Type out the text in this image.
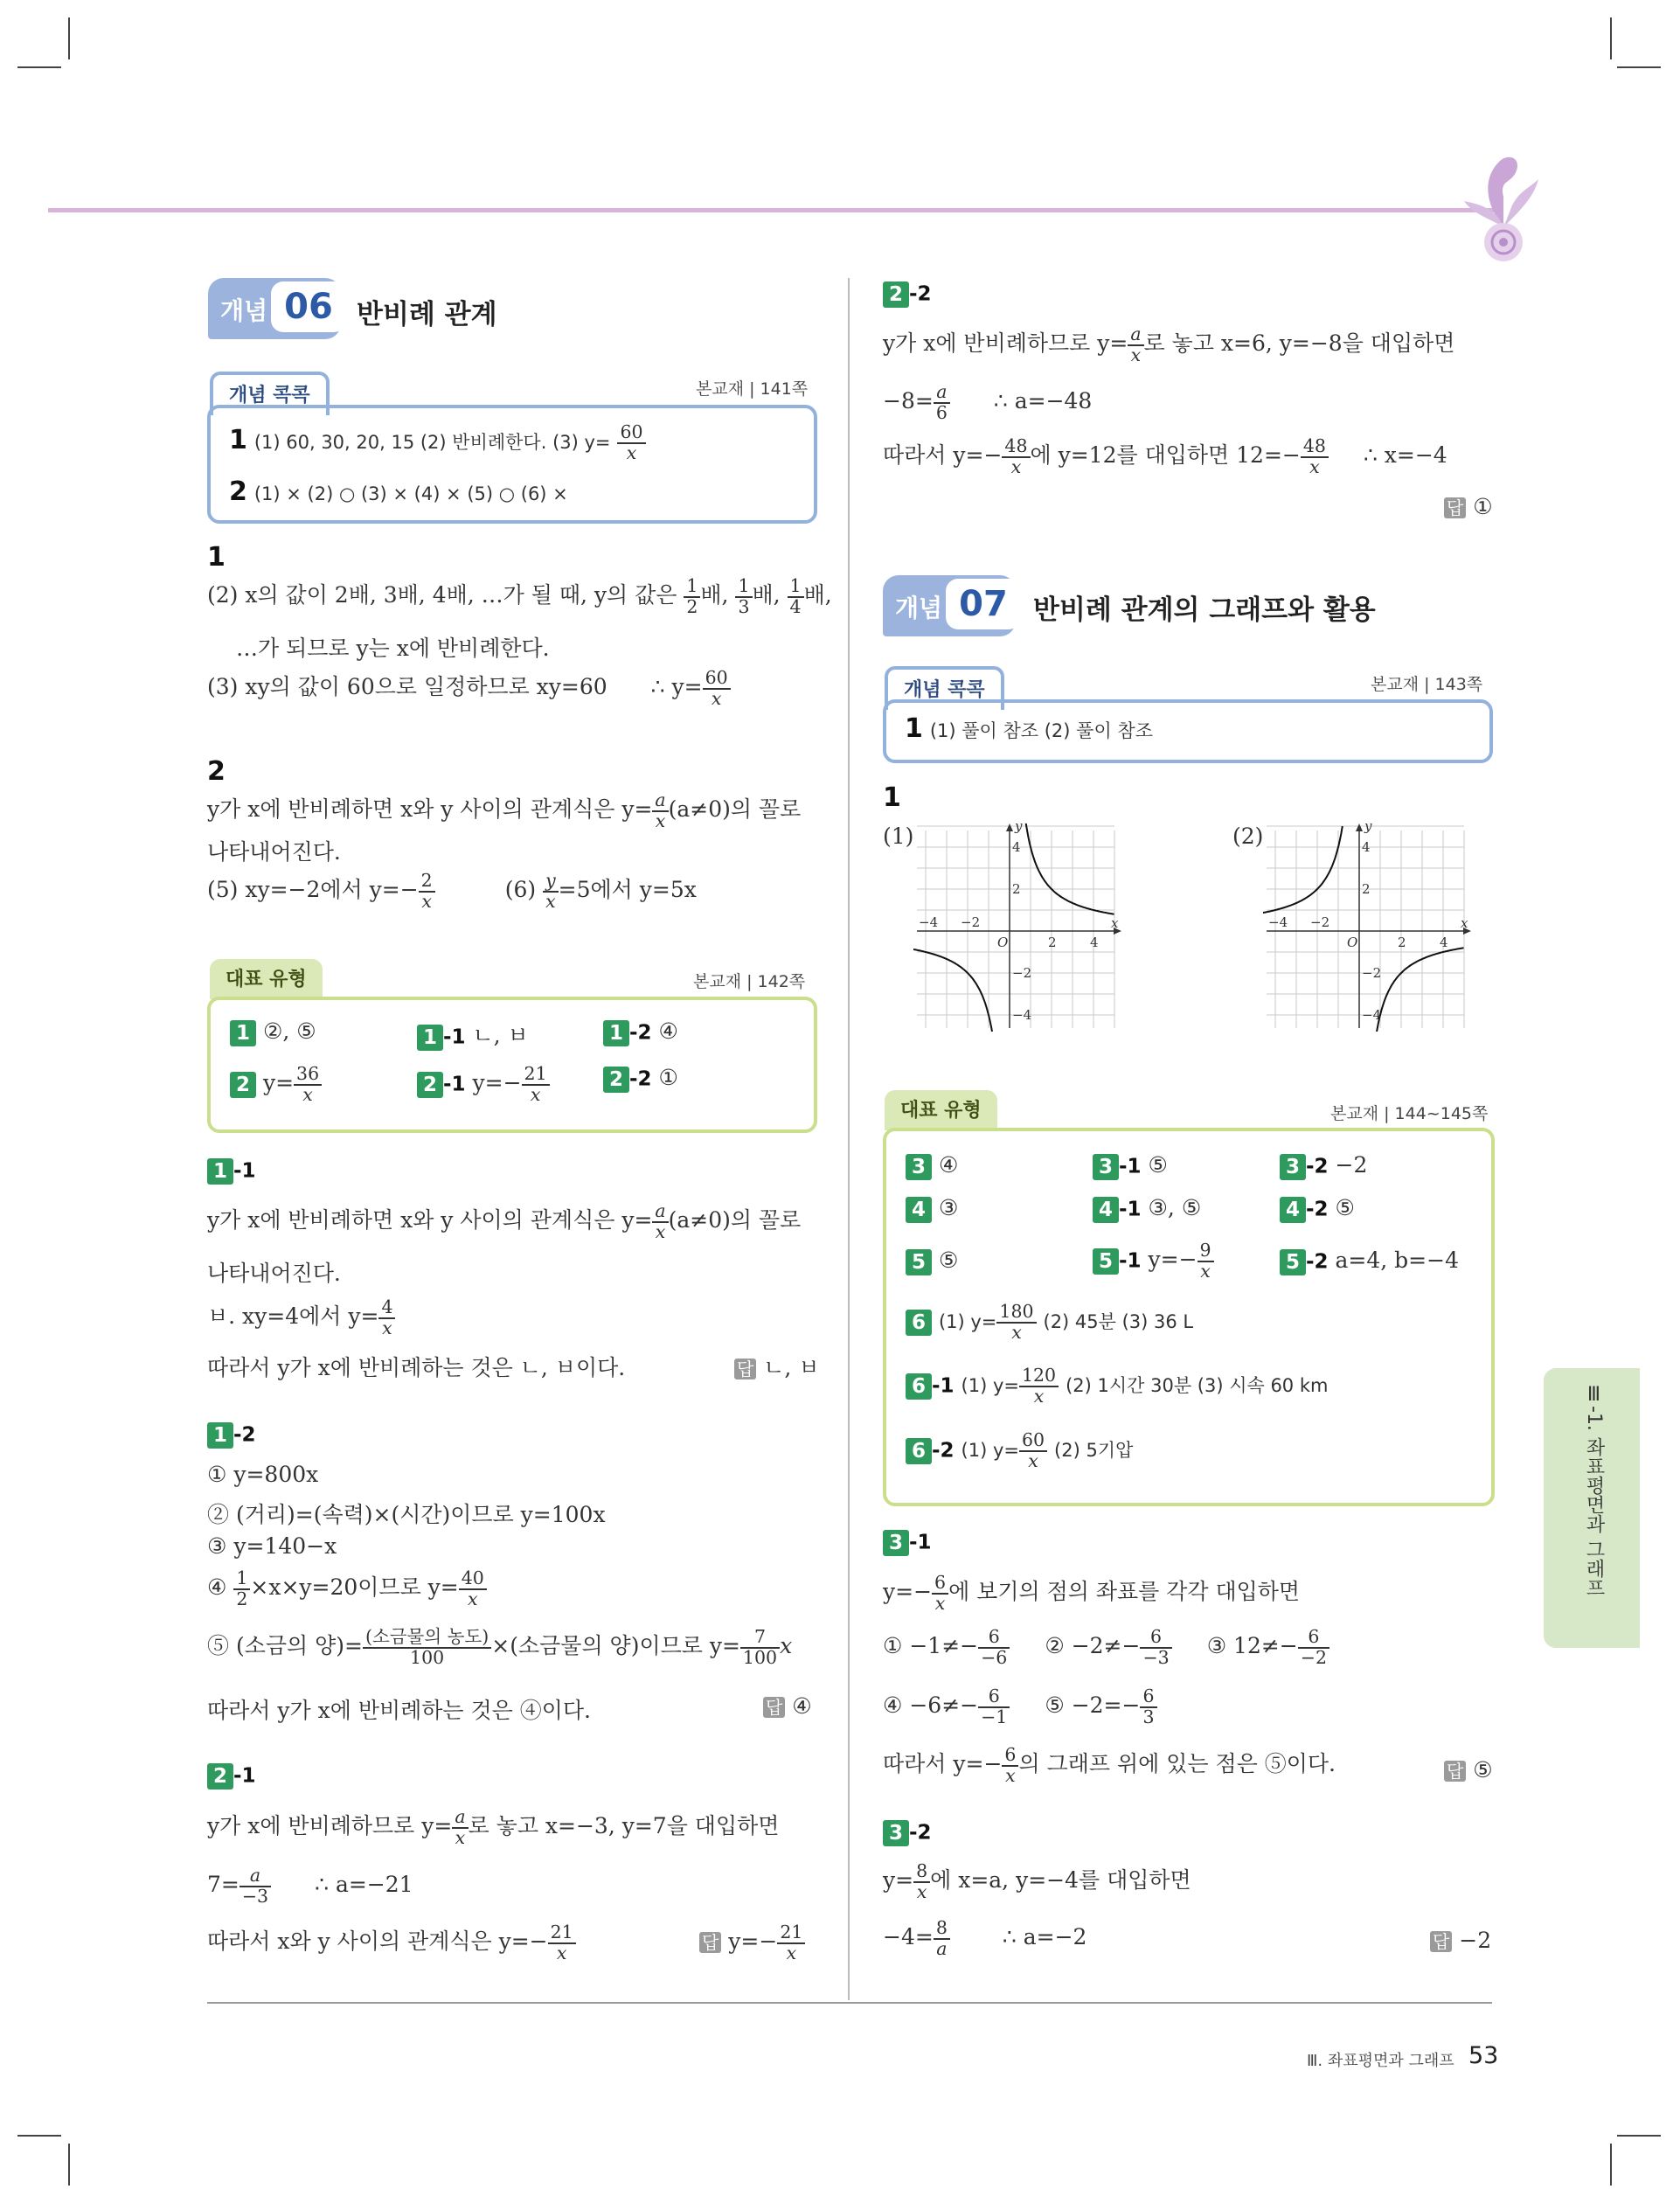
개념 06 반비례 관계
개념 콕콕	본교재 | 141쪽
1 (1) 60, 30, 20, 15 (2) 반비례한다. (3) $y= \frac{60}{x}$
2 (1) × (2) ○ (3) × (4) × (5) ○ (6) ×
1
(2) x의 값이 2배, 3배, 4배, …가 될 때, y의 값은 $\frac{1}{2}$ 배, $\frac{1}{3}$ 배, $\frac{1}{4}$ 배,
…가 되므로 y는 x에 반비례한다.
(3) xy의 값이 60으로 일정하므로 xy=60 ∴ $y= \frac{60}{x}$
2
y가 x에 반비례하면 x와 y 사이의 관계식은 $y= \frac{a}{x} (a\ne 0)$의 꼴로
나타내어진다.
(5) xy=−2에서 $y=- \frac{2}{x}$	$(6) \frac{y}{x} =5$에서 y=5x
대표 유형	본교재 | 142쪽
1 ②, ⑤	1 -1 ㄴ, ㅂ	1 -2 ④
2 $y= \frac{36}{x}$	2 -1 $y=- \frac{21}{x}$	2 -2 ①
1 -1
y가 x에 반비례하면 x와 y 사이의 관계식은 $y= \frac{a}{x} (a\ne 0)$의 꼴로
나타내어진다.
ㅂ. xy=4에서 $y= \frac{4}{x}$
따라서 y가 x에 반비례하는 것은 ㄴ, ㅂ이다.	답 ㄴ, ㅂ
1 -2
① y=800x
② (거리)=(속력)×(시간)이므로 y=100x
③ y=140−x
④ $\frac{1}{2} \times x\times y=20$이므로 $y= \frac{40}{x}$
⑤ (소금의 양)= $\frac{\text{(소금물의 농도)}}{100}$ ×(소금물의 양)이므로 $y= \frac{7}{100}$ x
따라서 y가 x에 반비례하는 것은 ④이다.	답 ④
2 -1
y가 x에 반비례하므로 $y= \frac{a}{x}$ 로 놓고 x=−3, y=7을 대입하면
$7= \frac{a}{-3}$ ∴ a=−21
따라서 x와 y 사이의 관계식은 $y=- \frac{21}{x}$	답 $y=- \frac{21}{x}$
2 -2
y가 x에 반비례하므로 $y= \frac{a}{x}$ 로 놓고 x=6, y=−8을 대입하면
$-8= \frac{a}{6}$ ∴ a=−48
따라서 $y=- \frac{48}{x}$ 에 y=12를 대입하면 $12=- \frac{48}{x}$ ∴ x=−4
답 ①
개념 07 반비례 관계의 그래프와 활용
개념 콕콕	본교재 | 143쪽
1 (1) 풀이 참조 (2) 풀이 참조
1
(1)	(2)
−4 −2
2	4
2
4
−2
−4
O
x
y
−4 −2
2	4
2
4
−2
−4
O
x
y
대표 유형	본교재 | 144~145쪽
3 ④	3 -1 ⑤	3 -2 −2
4 ③	4 -1 ③, ⑤	4 -2 ⑤
5 ⑤	5 -1 $y=- \frac{9}{x}$	5 -2 a=4, b=−4
6 (1) $y= \frac{180}{x} (2)$ 45분 (3) 36 L
6 -1 (1) $y= \frac{120}{x} (2)$ 1시간 30분 (3) 시속 60 km
6 -2 (1) $y= \frac{60}{x} (2)$ 5기압
3 -1
$y=- \frac{6}{x}$ 에 보기의 점의 좌표를 각각 대입하면
① $-1\ne- \frac{6}{-6}$ ② $-2\ne- \frac{6}{-3}$ ③ $12\ne- \frac{6}{-2}$
④ $-6\ne- \frac{6}{-1}$ ⑤ $-2=- \frac{6}{3}$
따라서 $y=- \frac{6}{x}$ 의 그래프 위에 있는 점은 ⑤이다.	답 ⑤
3 -2
$y= \frac{8}{x}$ 에 x=a, y=−4를 대입하면
$-4= \frac{8}{a}$ ∴ a=−2	답 −2
Ⅲ-1. 좌표평면과 그래프
Ⅲ. 좌표평면과 그래프 53
